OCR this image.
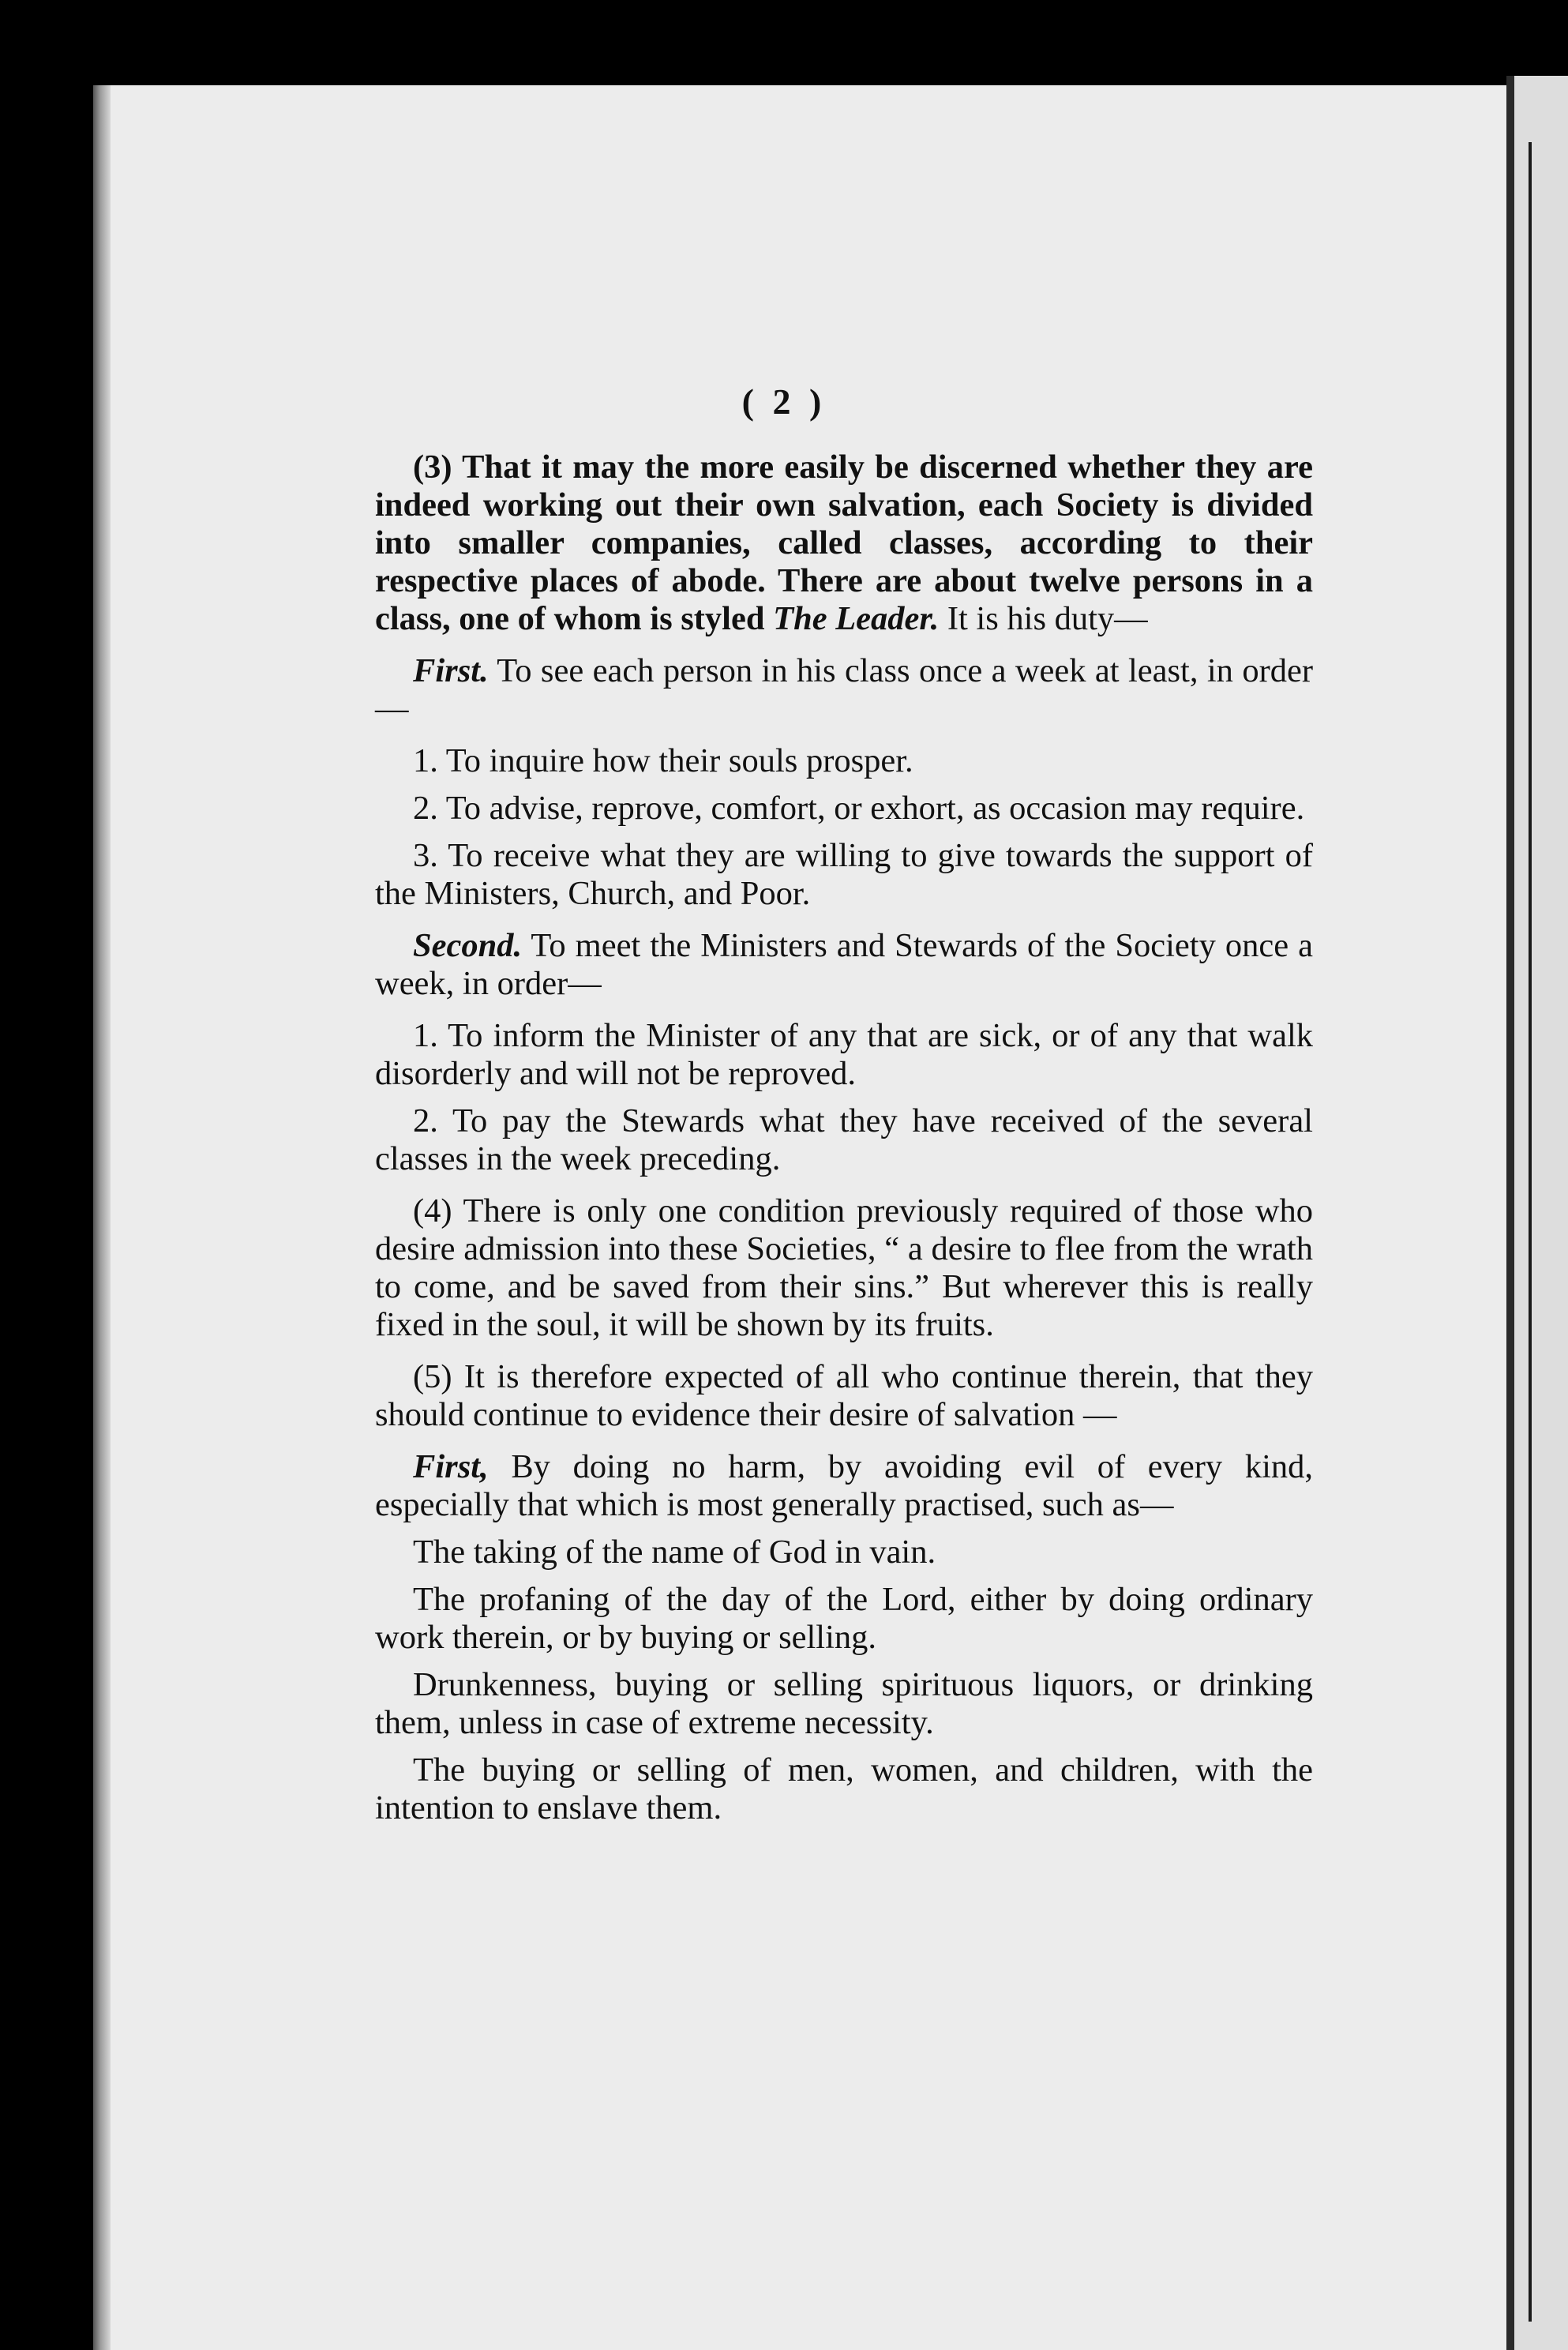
( 2 )

(3) That it may the more easily be discerned whether they are indeed working out their own salvation, each Society is divided into smaller companies, called classes, according to their respective places of abode. There are about twelve persons in a class, one of whom is styled The Leader. It is his duty—

First. To see each person in his class once a week at least, in order—

1. To inquire how their souls prosper.

2. To advise, reprove, comfort, or exhort, as occasion may require.

3. To receive what they are willing to give towards the support of the Ministers, Church, and Poor.

Second. To meet the Ministers and Stewards of the Society once a week, in order—

1. To inform the Minister of any that are sick, or of any that walk disorderly and will not be reproved.

2. To pay the Stewards what they have received of the several classes in the week preceding.

(4) There is only one condition previously required of those who desire admission into these Societies, “ a desire to flee from the wrath to come, and be saved from their sins.” But wherever this is really fixed in the soul, it will be shown by its fruits.

(5) It is therefore expected of all who continue therein, that they should continue to evidence their desire of salvation —

First, By doing no harm, by avoiding evil of every kind, especially that which is most generally practised, such as—

The taking of the name of God in vain.

The profaning of the day of the Lord, either by doing ordinary work therein, or by buying or selling.

Drunkenness, buying or selling spirituous liquors, or drinking them, unless in case of extreme necessity.

The buying or selling of men, women, and children, with the intention to enslave them.
